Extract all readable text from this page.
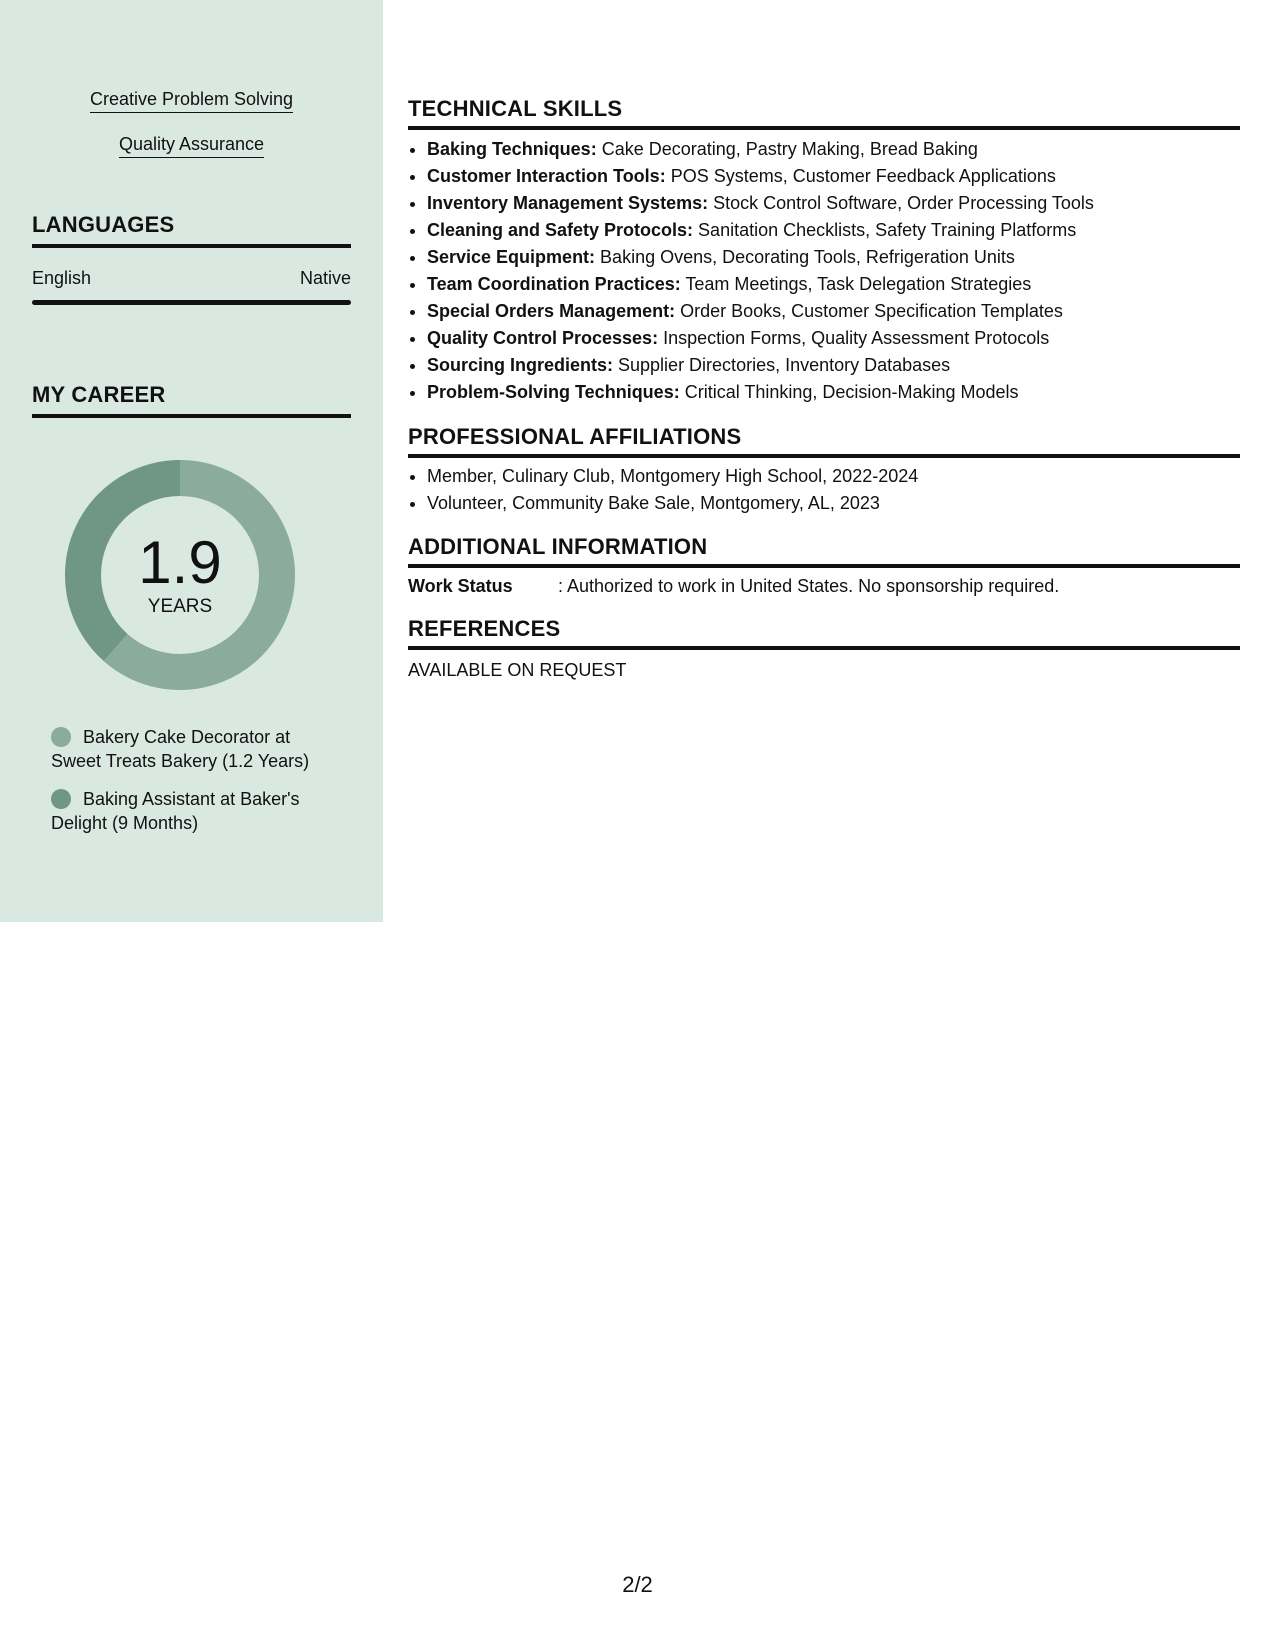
Creative Problem Solving
Quality Assurance
LANGUAGES
English	Native
MY CAREER
1.9
YEARS
Bakery Cake Decorator at Sweet Treats Bakery (1.2 Years)
Baking Assistant at Baker's Delight (9 Months)
TECHNICAL SKILLS
• Baking Techniques: Cake Decorating, Pastry Making, Bread Baking
• Customer Interaction Tools: POS Systems, Customer Feedback Applications
• Inventory Management Systems: Stock Control Software, Order Processing Tools
• Cleaning and Safety Protocols: Sanitation Checklists, Safety Training Platforms
• Service Equipment: Baking Ovens, Decorating Tools, Refrigeration Units
• Team Coordination Practices: Team Meetings, Task Delegation Strategies
• Special Orders Management: Order Books, Customer Specification Templates
• Quality Control Processes: Inspection Forms, Quality Assessment Protocols
• Sourcing Ingredients: Supplier Directories, Inventory Databases
• Problem-Solving Techniques: Critical Thinking, Decision-Making Models
PROFESSIONAL AFFILIATIONS
• Member, Culinary Club, Montgomery High School, 2022-2024
• Volunteer, Community Bake Sale, Montgomery, AL, 2023
ADDITIONAL INFORMATION
Work Status	: Authorized to work in United States. No sponsorship required.
REFERENCES
AVAILABLE ON REQUEST
2/2
